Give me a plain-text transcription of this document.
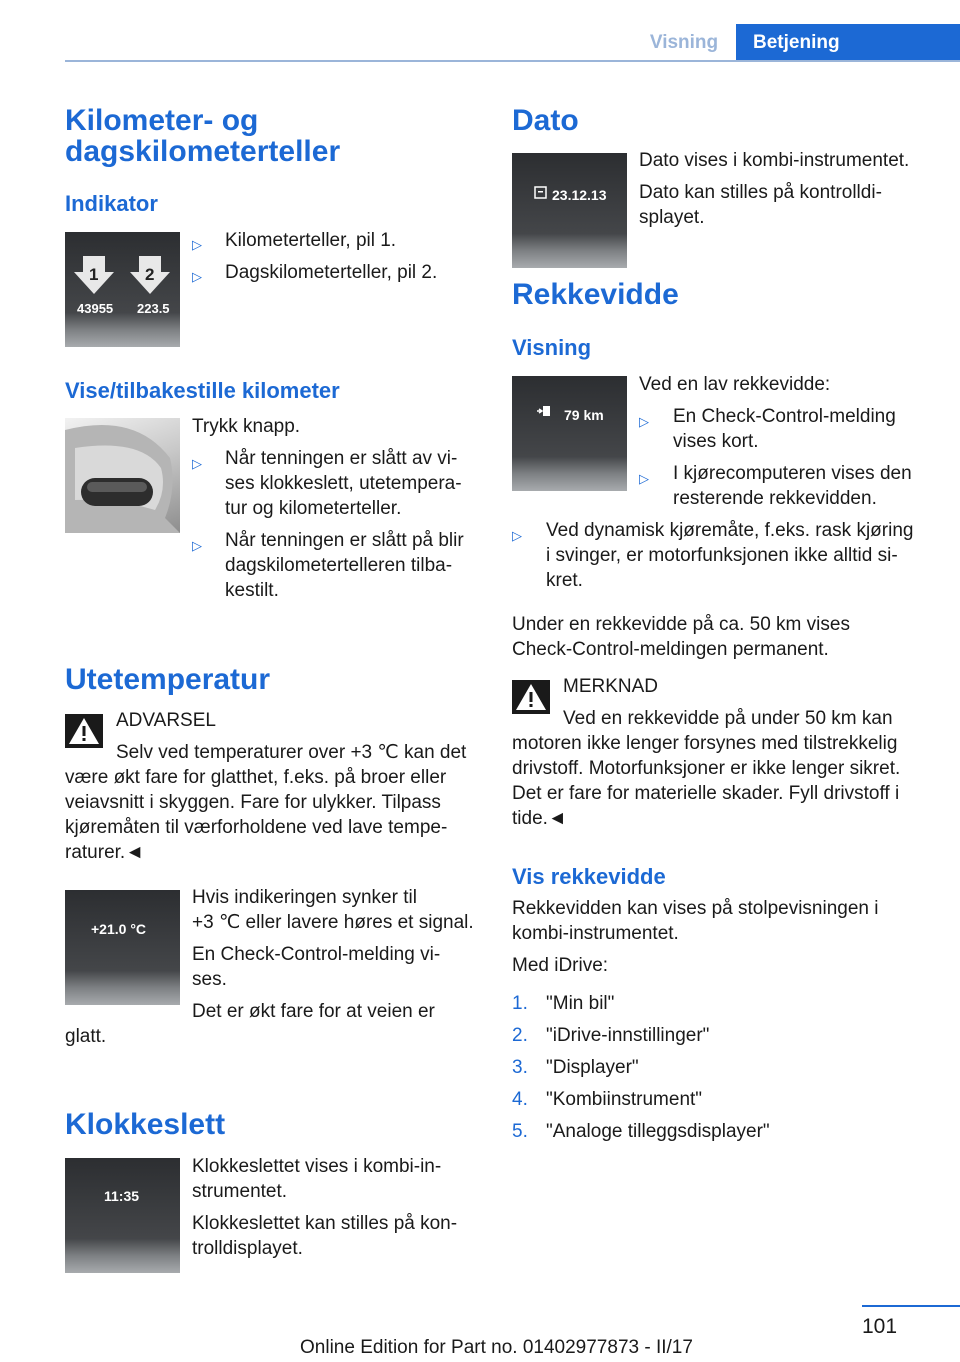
Visning	Betjening
Kilometer- og
dagskilometerteller
Indikator
1	2
43955 223.5
▷ Kilometerteller, pil 1.
▷ Dagskilometerteller, pil 2.
Vise/tilbakestille kilometer
Trykk knapp.
▷ Når tenningen er slått av vi-
ses klokkeslett, utetempera-
tur og kilometerteller.
▷ Når tenningen er slått på blir
dagskilometertelleren tilba-
kestilt.
Utetemperatur
ADVARSEL
Selv ved temperaturer over +3 ℃ kan det
være økt fare for glatthet, f.eks. på broer eller
veiavsnitt i skyggen. Fare for ulykker. Tilpass
kjøremåten til værforholdene ved lave tempe-
raturer.◄
+21.0 °C
Hvis indikeringen synker til
+3 ℃ eller lavere høres et signal.
En Check-Control-melding vi-
ses.
Det er økt fare for at veien er
glatt.
Klokkeslett
11:35
Klokkeslettet vises i kombi-in-
strumentet.
Klokkeslettet kan stilles på kon-
trolldisplayet.
Dato
23.12.13
Dato vises i kombi-instrumentet.
Dato kan stilles på kontrolldi-
splayet.
Rekkevidde
Visning
79 km
Ved en lav rekkevidde:
▷ En Check-Control-melding
vises kort.
▷ I kjørecomputeren vises den
resterende rekkevidden.
▷ Ved dynamisk kjøremåte, f.eks. rask kjøring
i svinger, er motorfunksjonen ikke alltid si-
kret.
Under en rekkevidde på ca. 50 km vises
Check-Control-meldingen permanent.
MERKNAD
Ved en rekkevidde på under 50 km kan
motoren ikke lenger forsynes med tilstrekkelig
drivstoff. Motorfunksjoner er ikke lenger sikret.
Det er fare for materielle skader. Fyll drivstoff i
tide.◄
Vis rekkevidde
Rekkevidden kan vises på stolpevisningen i
kombi-instrumentet.
Med iDrive:
1. "Min bil"
2. "iDrive-innstillinger"
3. "Displayer"
4. "Kombiinstrument"
5. "Analoge tilleggsdisplayer"
101
Online Edition for Part no. 01402977873 - II/17
